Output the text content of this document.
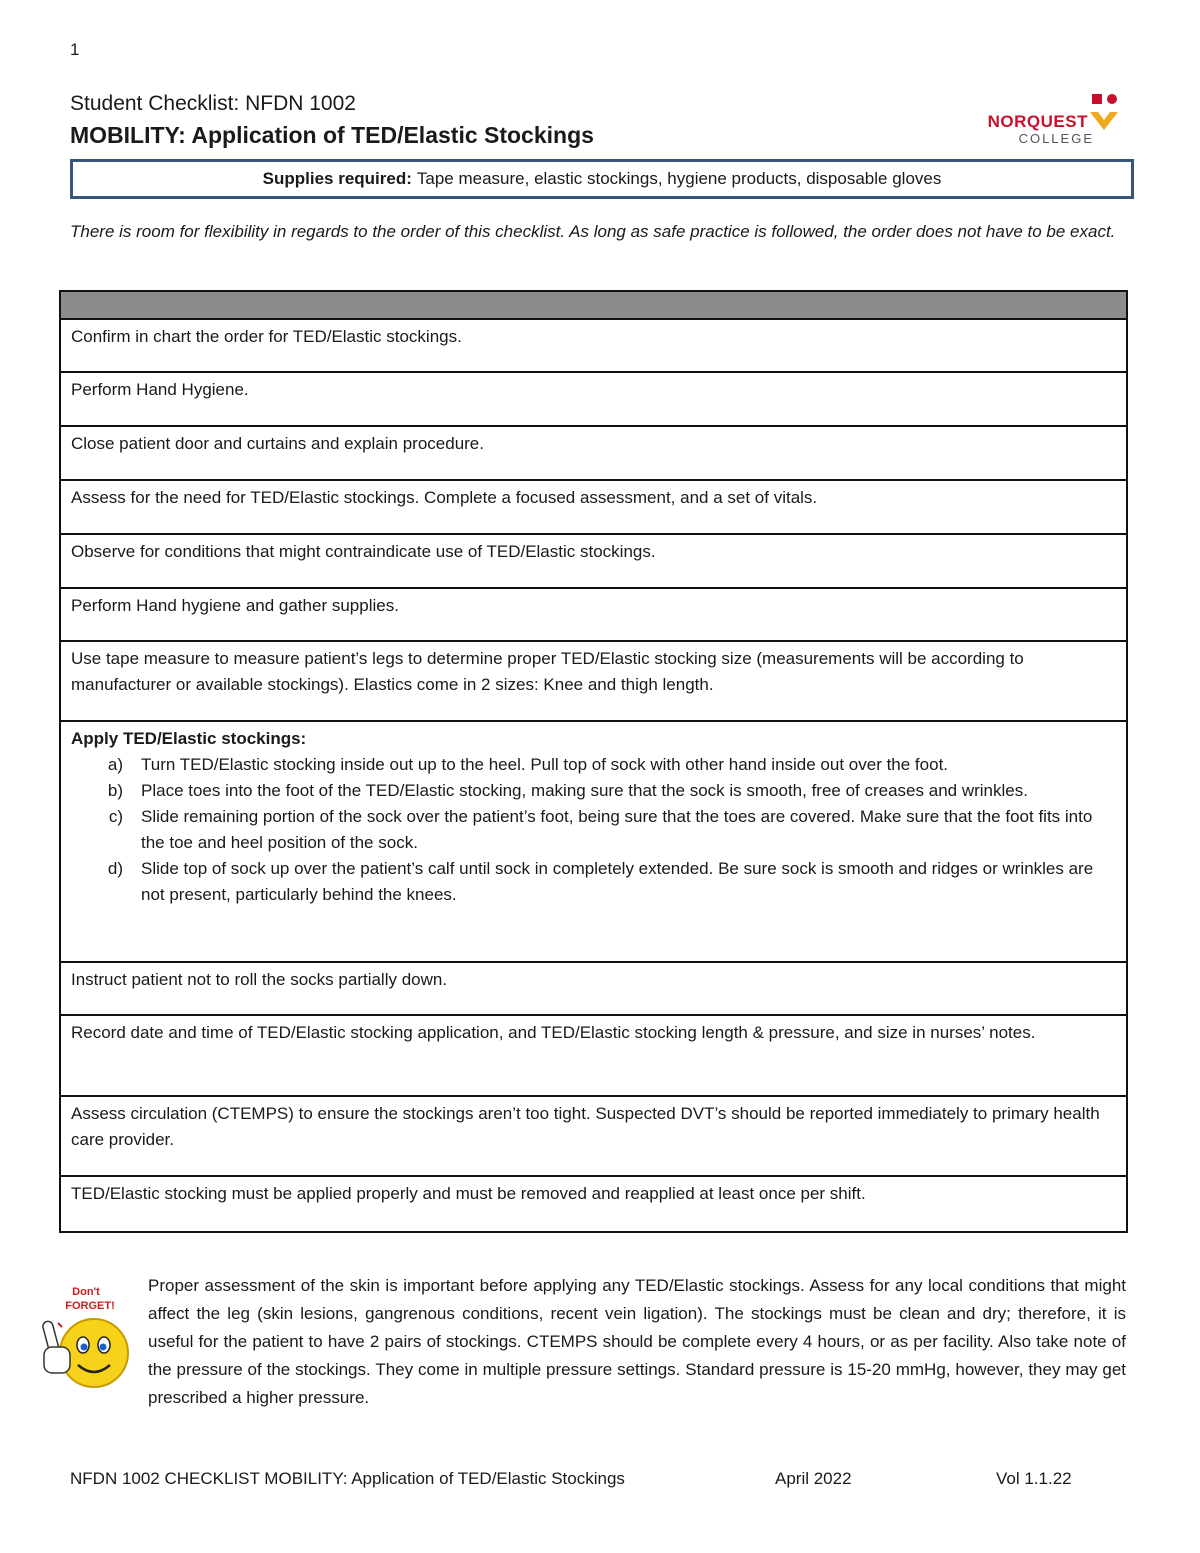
1
Student Checklist: NFDN 1002
MOBILITY: Application of TED/Elastic Stockings
NORQUEST
COLLEGE
Supplies required: Tape measure, elastic stockings, hygiene products, disposable gloves
There is room for flexibility in regards to the order of this checklist. As long as safe practice is followed, the order does not have to be exact.
Confirm in chart the order for TED/Elastic stockings.
Perform Hand Hygiene.
Close patient door and curtains and explain procedure.
Assess for the need for TED/Elastic stockings. Complete a focused assessment, and a set of vitals.
Observe for conditions that might contraindicate use of TED/Elastic stockings.
Perform Hand hygiene and gather supplies.
Use tape measure to measure patient’s legs to determine proper TED/Elastic stocking size (measurements will be according to manufacturer or available stockings). Elastics come in 2 sizes: Knee and thigh length.
Apply TED/Elastic stockings:
a)	Turn TED/Elastic stocking inside out up to the heel. Pull top of sock with other hand inside out over the foot.
b)	Place toes into the foot of the TED/Elastic stocking, making sure that the sock is smooth, free of creases and wrinkles.
c)	Slide remaining portion of the sock over the patient’s foot, being sure that the toes are covered. Make sure that the foot fits into the toe and heel position of the sock.
d)	Slide top of sock up over the patient’s calf until sock in completely extended. Be sure sock is smooth and ridges or wrinkles are not present, particularly behind the knees.
Instruct patient not to roll the socks partially down.
Record date and time of TED/Elastic stocking application, and TED/Elastic stocking length & pressure, and size in nurses’ notes.
Assess circulation (CTEMPS) to ensure the stockings aren’t too tight. Suspected DVT’s should be reported immediately to primary health care provider.
TED/Elastic stocking must be applied properly and must be removed and reapplied at least once per shift.
Don't
FORGET!
Proper assessment of the skin is important before applying any TED/Elastic stockings. Assess for any local conditions that might affect the leg (skin lesions, gangrenous conditions, recent vein ligation). The stockings must be clean and dry; therefore, it is useful for the patient to have 2 pairs of stockings. CTEMPS should be complete every 4 hours, or as per facility. Also take note of the pressure of the stockings. They come in multiple pressure settings. Standard pressure is 15-20 mmHg, however, they may get prescribed a higher pressure.
NFDN 1002 CHECKLIST MOBILITY: Application of TED/Elastic Stockings	April 2022	Vol 1.1.22
